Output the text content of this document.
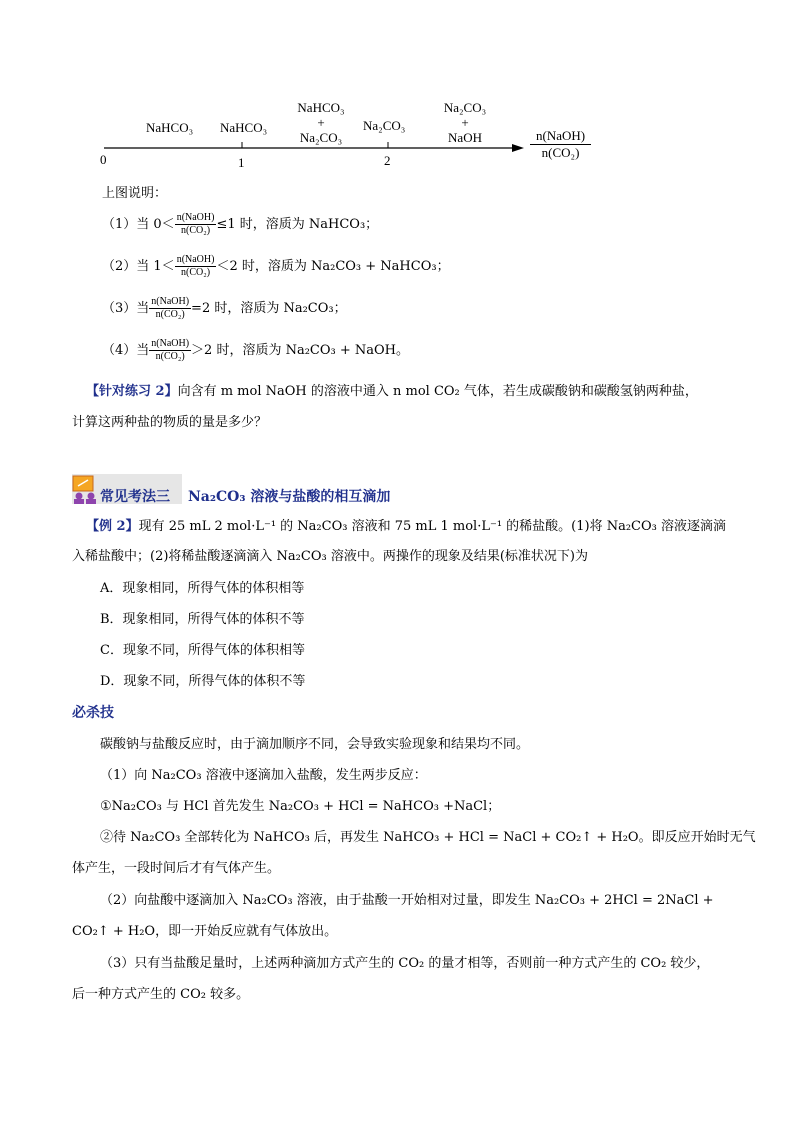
NaHCO₃ NaHCO₃
NaHCO₃
+
Na₂CO₃
Na₂CO₃
Na₂CO₃
+
NaOH
0	1	2
n(NaOH)
n(CO₂)
上图说明：
（1）当 $0< \frac{\text{n(NaOH)}}{\text{n(CO₂)}} \le 1$ 时，溶质为 NaHCO₃；
（2）当 $1< \frac{\text{n(NaOH)}}{\text{n(CO₂)}} <2$ 时，溶质为 Na₂CO₃ + NaHCO₃；
（3）当 $\frac{\text{n(NaOH)}}{\text{n(CO₂)}} =2$ 时，溶质为 Na₂CO₃；
（4）当 $\frac{\text{n(NaOH)}}{\text{n(CO₂)}} >2$ 时，溶质为 Na₂CO₃ + NaOH。
【针对练习 2】向含有 m mol NaOH 的溶液中通入 n mol CO₂ 气体，若生成碳酸钠和碳酸氢钠两种盐，
计算这两种盐的物质的量是多少？
常见考法三 Na₂CO₃ 溶液与盐酸的相互滴加
【例 2】现有 25 mL 2 mol·L⁻¹ 的 Na₂CO₃ 溶液和 75 mL 1 mol·L⁻¹ 的稀盐酸。(1)将 Na₂CO₃ 溶液逐滴滴
入稀盐酸中；(2)将稀盐酸逐滴滴入 Na₂CO₃ 溶液中。两操作的现象及结果(标准状况下)为
A．现象相同，所得气体的体积相等
B．现象相同，所得气体的体积不等
C．现象不同，所得气体的体积相等
D．现象不同，所得气体的体积不等
必杀技
碳酸钠与盐酸反应时，由于滴加顺序不同，会导致实验现象和结果均不同。
（1）向 Na₂CO₃ 溶液中逐滴加入盐酸，发生两步反应：
①Na₂CO₃ 与 HCl 首先发生 Na₂CO₃ + HCl = NaHCO₃ +NaCl；
②待 Na₂CO₃ 全部转化为 NaHCO₃ 后，再发生 NaHCO₃ + HCl = NaCl + CO₂↑ + H₂O。即反应开始时无气
体产生，一段时间后才有气体产生。
（2）向盐酸中逐滴加入 Na₂CO₃ 溶液，由于盐酸一开始相对过量，即发生 Na₂CO₃ + 2HCl = 2NaCl +
CO₂↑ + H₂O，即一开始反应就有气体放出。
（3）只有当盐酸足量时，上述两种滴加方式产生的 CO₂ 的量才相等，否则前一种方式产生的 CO₂ 较少，
后一种方式产生的 CO₂ 较多。
